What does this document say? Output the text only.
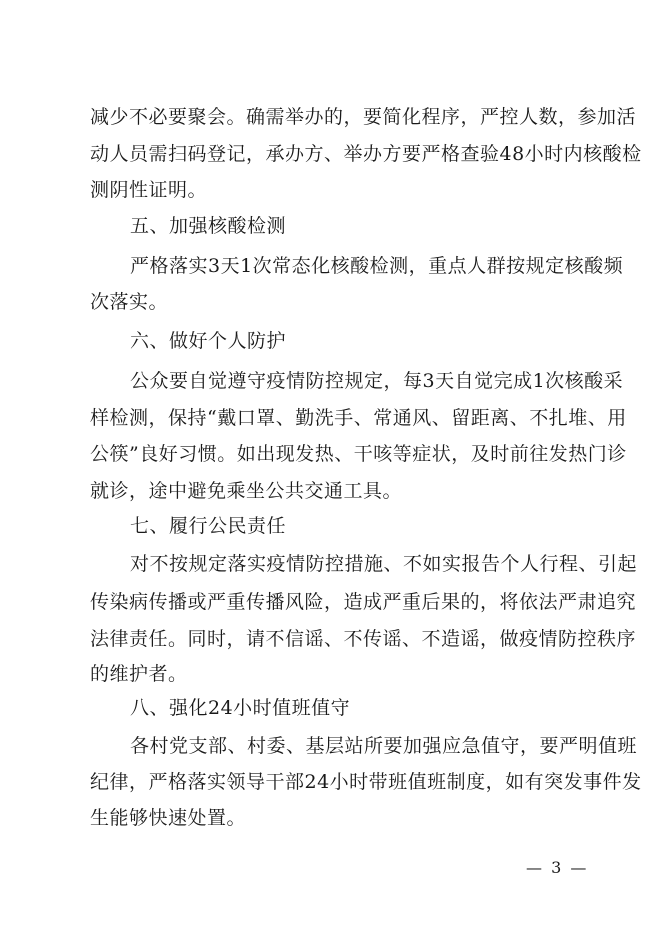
减少不必要聚会。确需举办的，要简化程序，严控人数，参加活
动人员需扫码登记，承办方、举办方要严格查验48小时内核酸检
测阴性证明。
五、加强核酸检测
严格落实3天1次常态化核酸检测，重点人群按规定核酸频
次落实。
六、做好个人防护
公众要自觉遵守疫情防控规定，每3天自觉完成1次核酸采
样检测，保持“戴口罩、勤洗手、常通风、留距离、不扎堆、用
公筷”良好习惯。如出现发热、干咳等症状，及时前往发热门诊
就诊，途中避免乘坐公共交通工具。
七、履行公民责任
对不按规定落实疫情防控措施、不如实报告个人行程、引起
传染病传播或严重传播风险，造成严重后果的，将依法严肃追究
法律责任。同时，请不信谣、不传谣、不造谣，做疫情防控秩序
的维护者。
八、强化24小时值班值守
各村党支部、村委、基层站所要加强应急值守，要严明值班
纪律，严格落实领导干部24小时带班值班制度，如有突发事件发
生能够快速处置。
— 3 —
